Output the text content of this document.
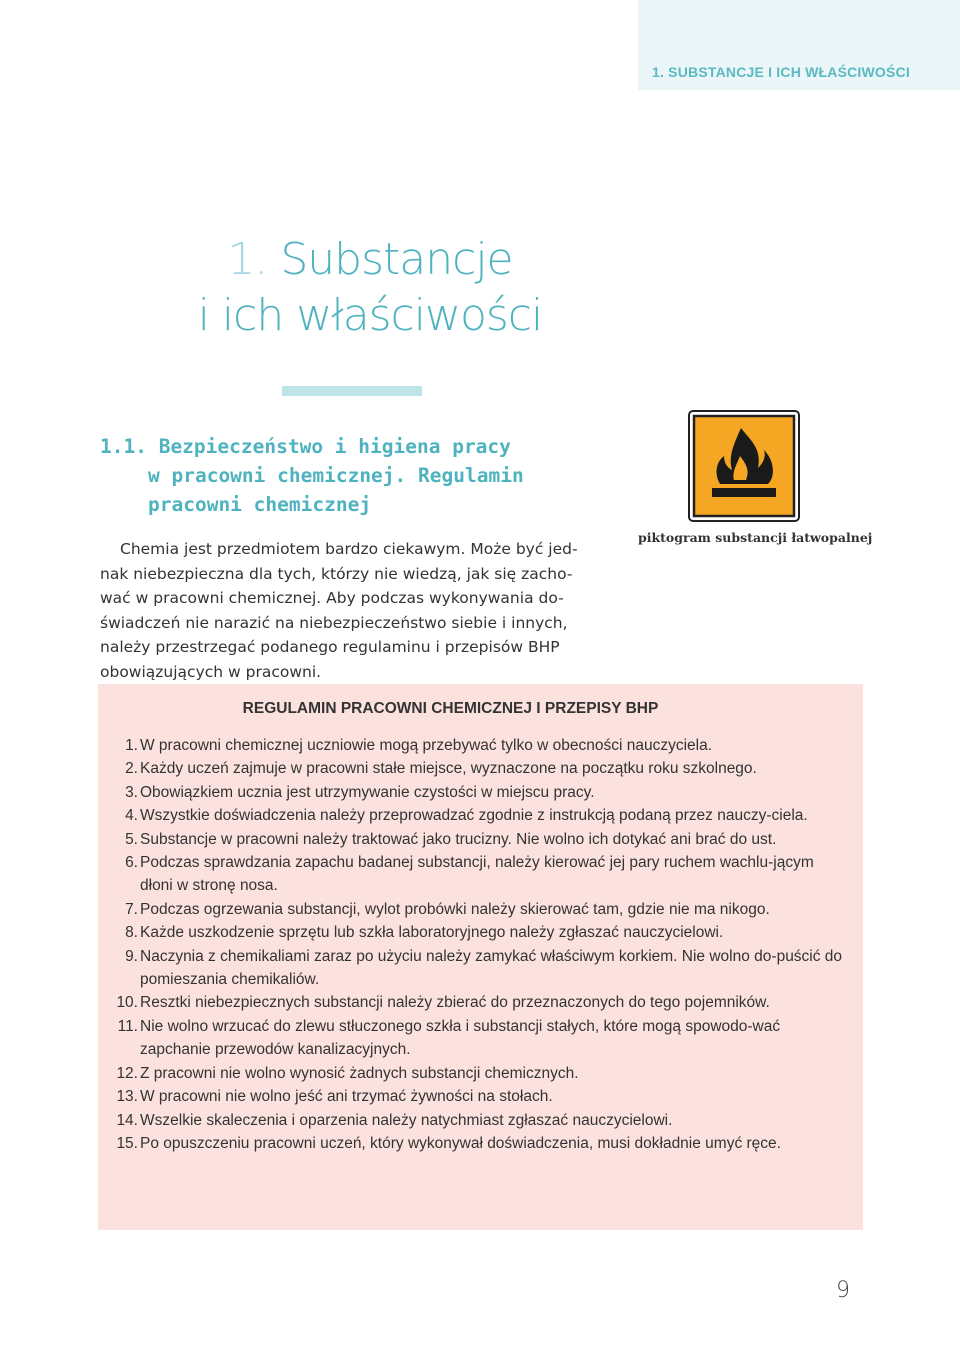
1. SUBSTANCJE I ICH WŁAŚCIWOŚCI
1. Substancje
i ich właściwości
1.1. Bezpieczeństwo i higiena pracy
w pracowni chemicznej. Regulamin
pracowni chemicznej
Chemia jest przedmiotem bardzo ciekawym. Może być jed-
nak niebezpieczna dla tych, którzy nie wiedzą, jak się zacho-
wać w pracowni chemicznej. Aby podczas wykonywania do-
świadczeń nie narazić na niebezpieczeństwo siebie i innych,
należy przestrzegać podanego regulaminu i przepisów BHP
obowiązujących w pracowni.
piktogram substancji łatwopalnej
REGULAMIN PRACOWNI CHEMICZNEJ I PRZEPISY BHP
1. W pracowni chemicznej uczniowie mogą przebywać tylko w obecności nauczyciela.
2. Każdy uczeń zajmuje w pracowni stałe miejsce, wyznaczone na początku roku szkolnego.
3. Obowiązkiem ucznia jest utrzymywanie czystości w miejscu pracy.
4. Wszystkie doświadczenia należy przeprowadzać zgodnie z instrukcją podaną przez nauczy-ciela.
5. Substancje w pracowni należy traktować jako trucizny. Nie wolno ich dotykać ani brać do ust.
6. Podczas sprawdzania zapachu badanej substancji, należy kierować jej pary ruchem wachlu-jącym dłoni w stronę nosa.
7. Podczas ogrzewania substancji, wylot probówki należy skierować tam, gdzie nie ma nikogo.
8. Każde uszkodzenie sprzętu lub szkła laboratoryjnego należy zgłaszać nauczycielowi.
9. Naczynia z chemikaliami zaraz po użyciu należy zamykać właściwym korkiem. Nie wolno do-puścić do pomieszania chemikaliów.
10. Resztki niebezpiecznych substancji należy zbierać do przeznaczonych do tego pojemników.
11. Nie wolno wrzucać do zlewu stłuczonego szkła i substancji stałych, które mogą spowodo-wać zapchanie przewodów kanalizacyjnych.
12. Z pracowni nie wolno wynosić żadnych substancji chemicznych.
13. W pracowni nie wolno jeść ani trzymać żywności na stołach.
14. Wszelkie skaleczenia i oparzenia należy natychmiast zgłaszać nauczycielowi.
15. Po opuszczeniu pracowni uczeń, który wykonywał doświadczenia, musi dokładnie umyć ręce.
9
